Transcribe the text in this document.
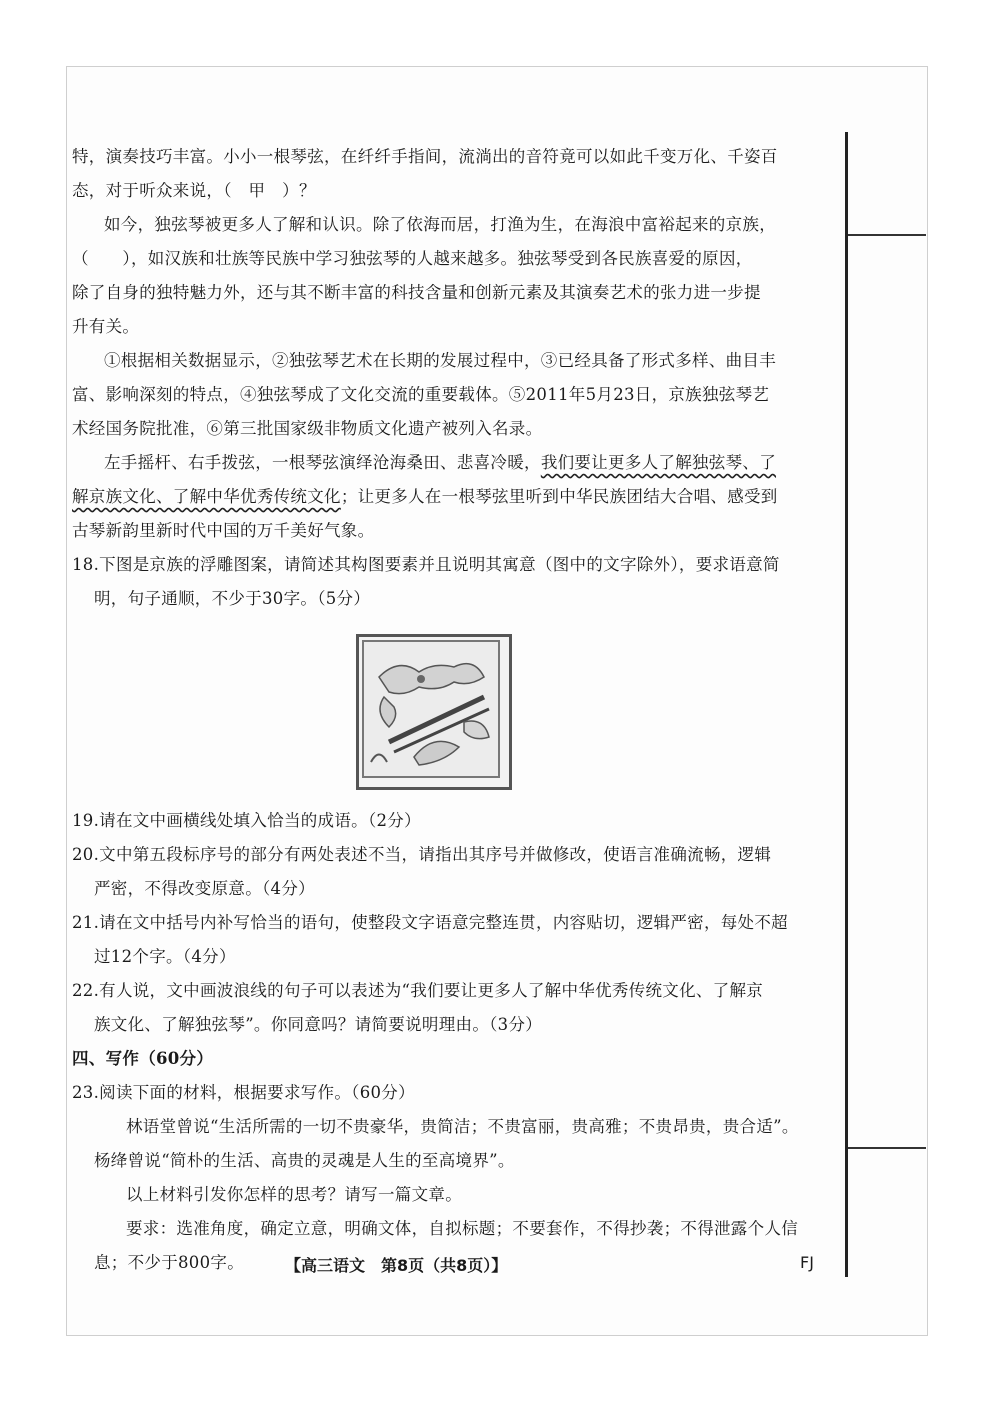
特，演奏技巧丰富。小小一根琴弦，在纤纤手指间，流淌出的音符竟可以如此千变万化、千姿百
态，对于听众来说，（　甲　）？
如今，独弦琴被更多人了解和认识。除了依海而居，打渔为生，在海浪中富裕起来的京族，
（　　），如汉族和壮族等民族中学习独弦琴的人越来越多。独弦琴受到各民族喜爱的原因，
除了自身的独特魅力外，还与其不断丰富的科技含量和创新元素及其演奏艺术的张力进一步提
升有关。
①根据相关数据显示，②独弦琴艺术在长期的发展过程中，③已经具备了形式多样、曲目丰
富、影响深刻的特点，④独弦琴成了文化交流的重要载体。⑤2011年5月23日，京族独弦琴艺
术经国务院批准，⑥第三批国家级非物质文化遗产被列入名录。
左手摇杆、右手拨弦，一根琴弦演绎沧海桑田、悲喜冷暖，我们要让更多人了解独弦琴、了
解京族文化、了解中华优秀传统文化；让更多人在一根琴弦里听到中华民族团结大合唱、感受到
古琴新韵里新时代中国的万千美好气象。
18.下图是京族的浮雕图案，请简述其构图要素并且说明其寓意（图中的文字除外），要求语意简
明，句子通顺，不少于30字。（5分）
19.请在文中画横线处填入恰当的成语。（2分）
20.文中第五段标序号的部分有两处表述不当，请指出其序号并做修改，使语言准确流畅，逻辑
严密，不得改变原意。（4分）
21.请在文中括号内补写恰当的语句，使整段文字语意完整连贯，内容贴切，逻辑严密，每处不超
过12个字。（4分）
22.有人说，文中画波浪线的句子可以表述为“我们要让更多人了解中华优秀传统文化、了解京
族文化、了解独弦琴”。你同意吗？请简要说明理由。（3分）
四、写作（60分）
23.阅读下面的材料，根据要求写作。（60分）
林语堂曾说“生活所需的一切不贵豪华，贵简洁；不贵富丽，贵高雅；不贵昂贵，贵合适”。
杨绛曾说“简朴的生活、高贵的灵魂是人生的至高境界”。
以上材料引发你怎样的思考？请写一篇文章。
要求：选准角度，确定立意，明确文体，自拟标题；不要套作，不得抄袭；不得泄露个人信
息；不少于800字。	【高三语文　第8页（共8页）】	FJ
